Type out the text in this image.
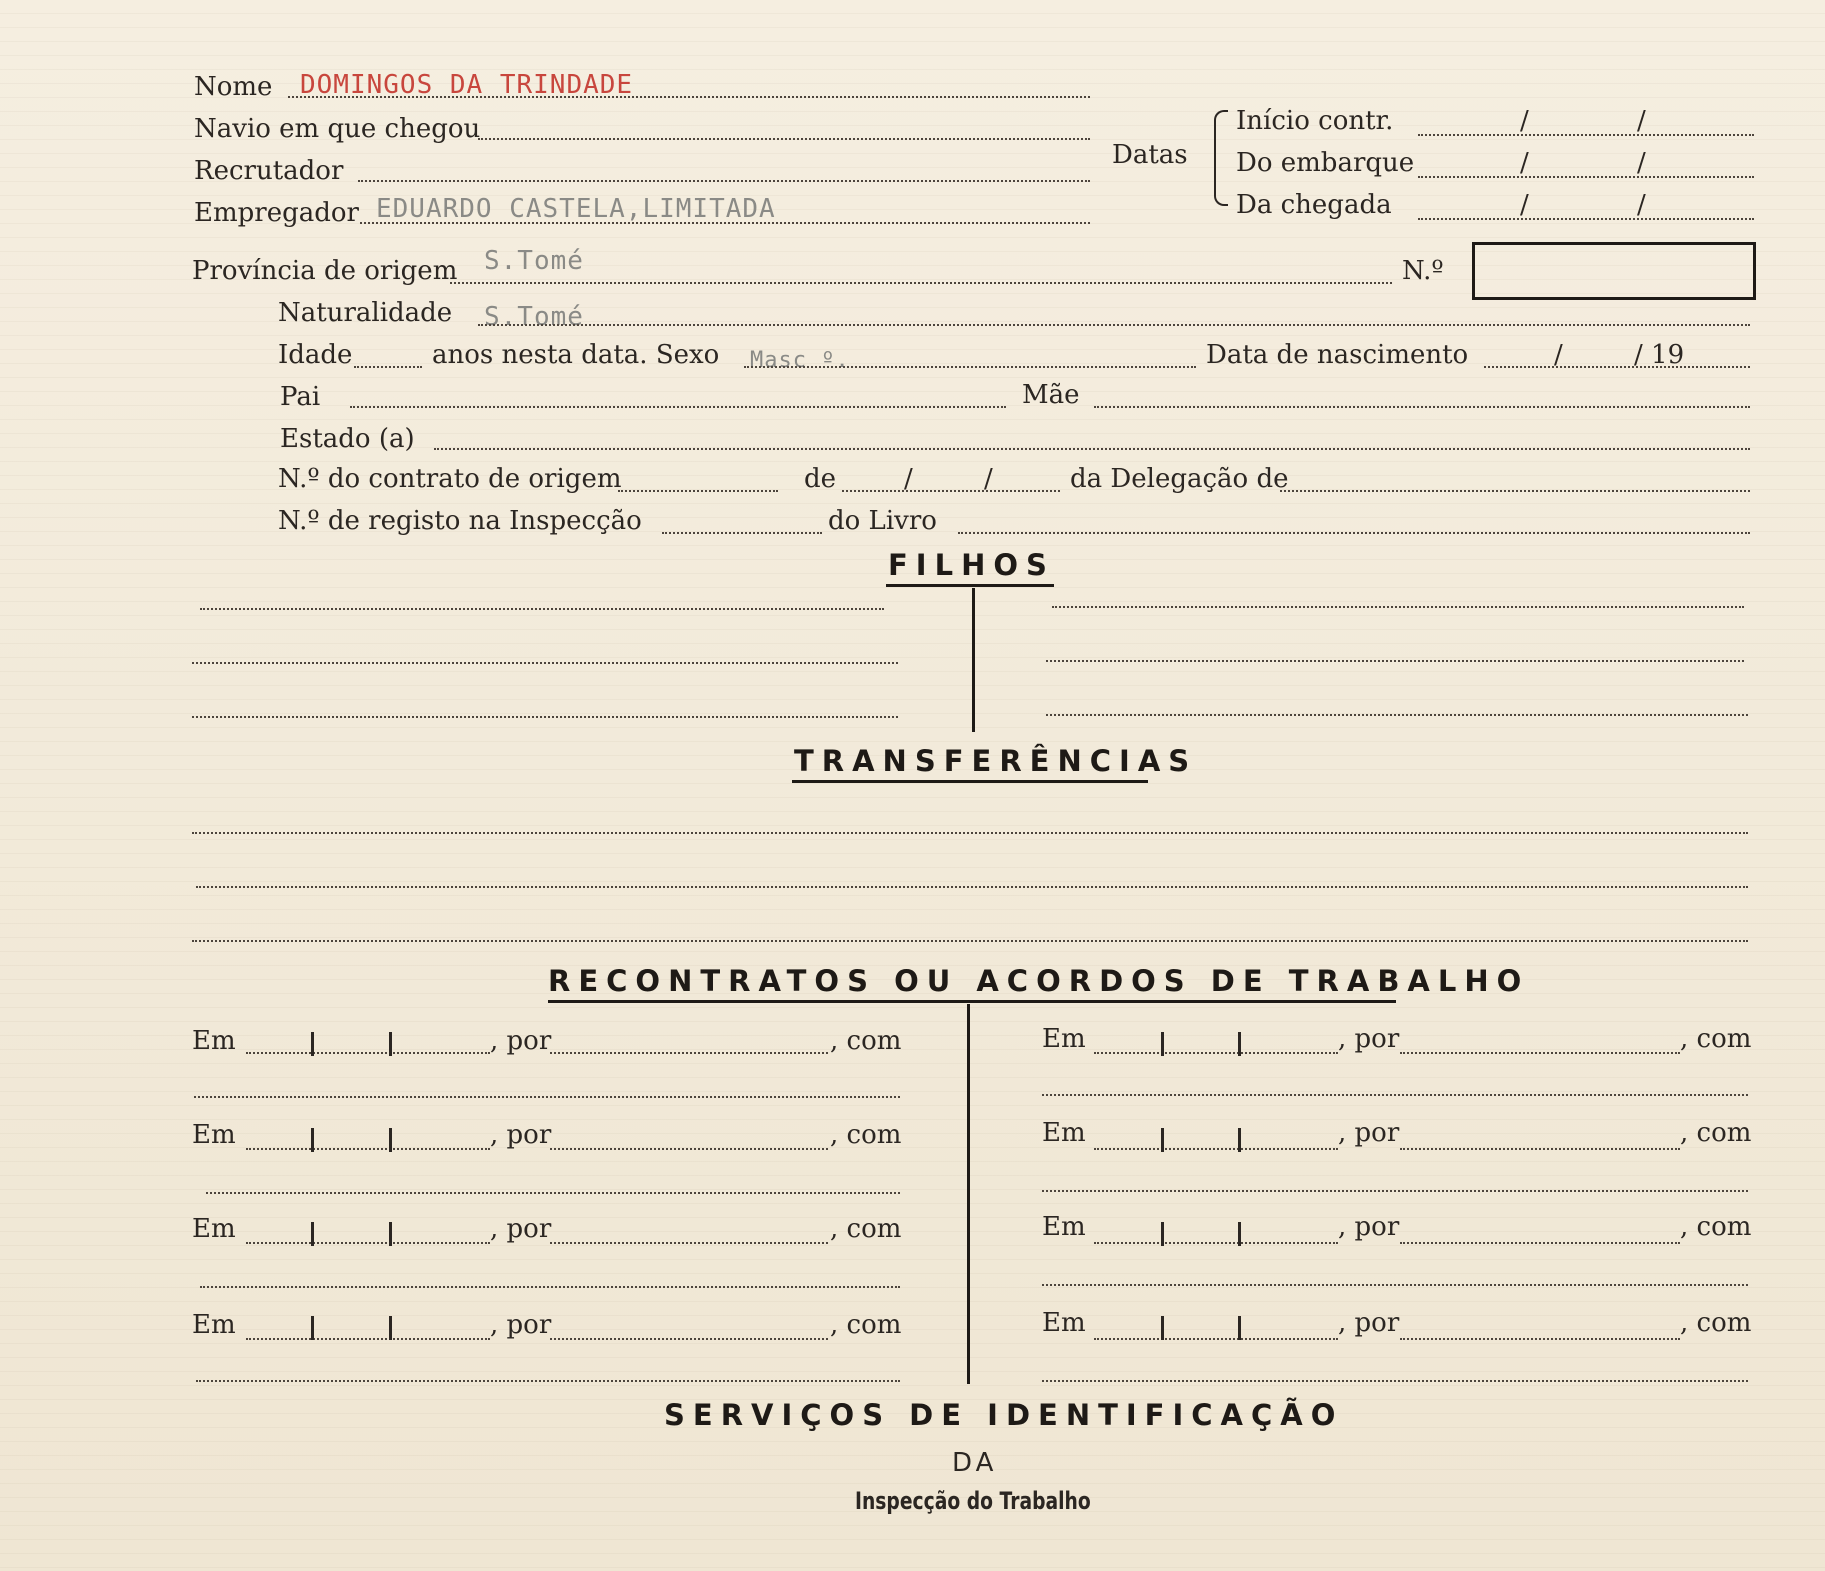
Nome DOMINGOS DA TRINDADE
Navio em que chegou
Recrutador
Empregador EDUARDO CASTELA,LIMITADA
Datas
Início contr.	/	/
Do embarque	/	/
Da chegada	/	/
Província de origem S.Tomé	N.º
Naturalidade S.Tomé
Idade	anos nesta data. Sexo Masc º.	Data de nascimento	/	/ 19
Pai	Mãe
Estado (a)
N.º do contrato de origem	de	/	/	da Delegação de
N.º de registo na Inspecção	do Livro
FILHOS
TRANSFERÊNCIAS
RECONTRATOS OU ACORDOS DE TRABALHO
Em	, por	, com
Em	, por	, com
Em	, por	, com
Em	, por	, com
Em	, por	, com
Em	, por	, com
Em	, por	, com
Em	, por	, com
SERVIÇOS DE IDENTIFICAÇÃO
DA
Inspecção do Trabalho
